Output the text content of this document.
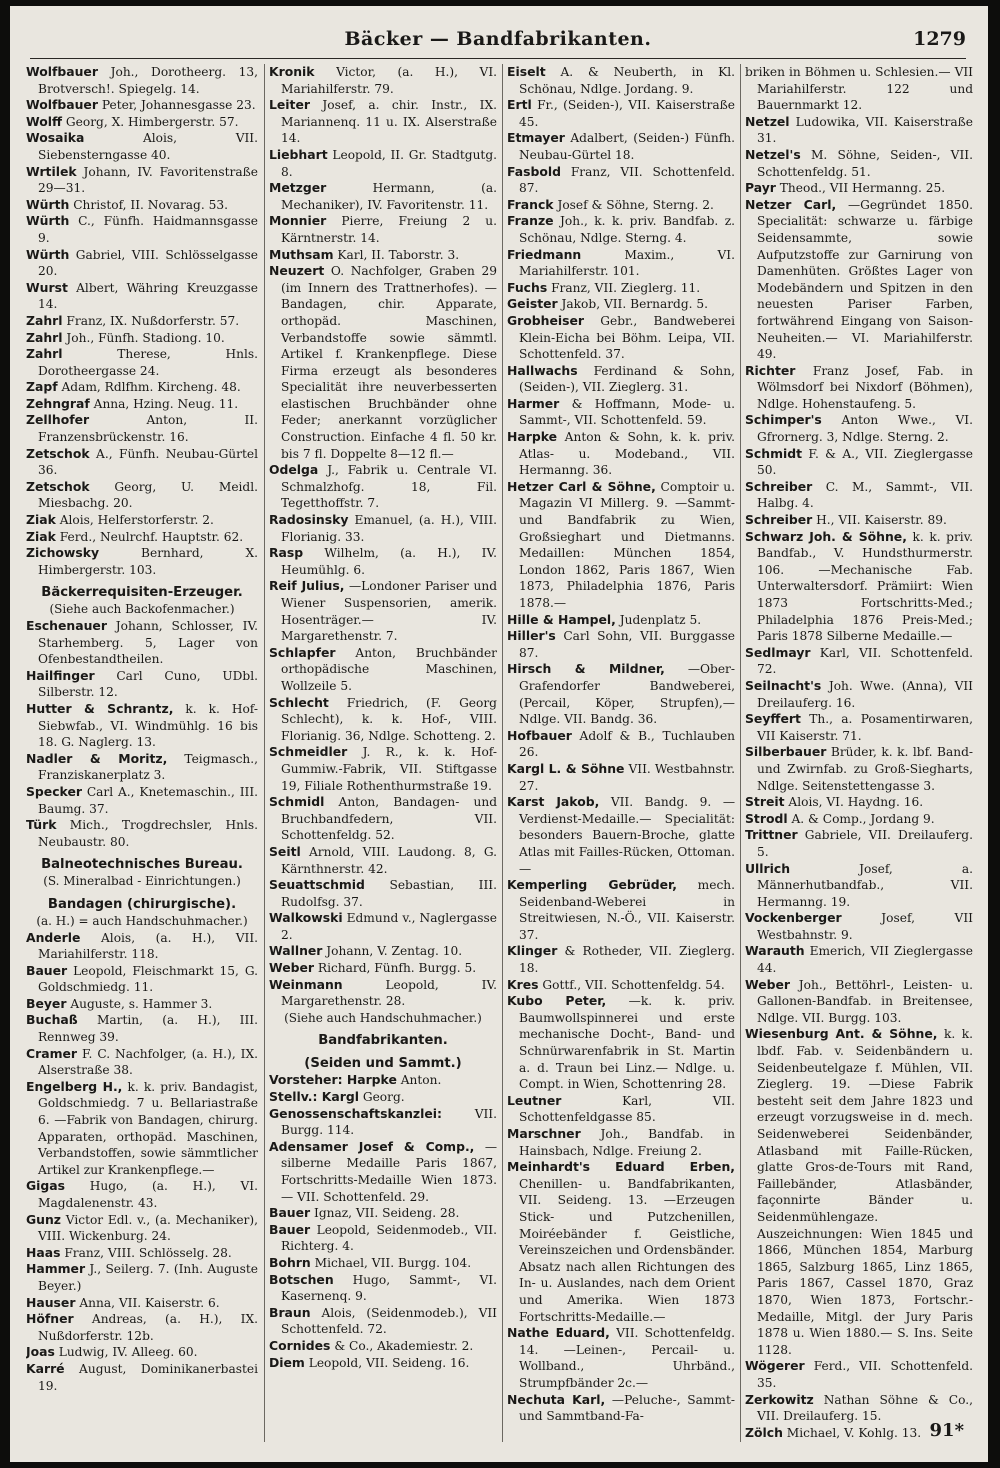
Bäcker — Bandfabrikanten.	1279

Wolfbauer Joh., Dorotheerg. 13, Brotversch!. Spiegelg. 14.

Wolfbauer Peter, Johannesgasse 23.

Wolff Georg, X. Himbergerstr. 57.

Wosaika	Alois, VII. Siebensterngasse 40.

Wrtilek Johann, IV. Favoritenstraße 29—31.

Würth Christof, II. Novarag. 53.

Würth C., Fünfh. Haidmannsgasse 9.

Würth Gabriel, VIII. Schlösselgasse 20.

Wurst Albert, Währing Kreuzgasse 14.

Zahrl Franz, IX. Nußdorferstr. 57.

Zahrl Joh., Fünfh. Stadiong. 10.

Zahrl	Therese, Hnls. Dorotheergasse 24.

Zapf Adam, Rdlfhm. Kircheng. 48.

Zehngraf Anna, Hzing. Neug. 11.

Zellhofer	Anton, II. Franzensbrückenstr. 16.

Zetschok A., Fünfh. Neubau-Gürtel 36.

Zetschok Georg, U. Meidl. Miesbachg. 20.

Ziak Alois, Helferstorferstr. 2.

Ziak Ferd., Neulrchf. Hauptstr. 62.

Zichowsky	Bernhard, X. Himbergerstr. 103.

Bäckerrequisiten-Erzeuger.
(Siehe auch Backofenmacher.)

Eschenauer Johann, Schlosser, IV. Starhemberg. 5, Lager von Ofenbestandtheilen.

Hailfinger Carl Cuno, UDbl. Silberstr. 12.

Hutter & Schrantz, k. k. Hof-Siebwfab., VI. Windmühlg. 16 bis 18. G. Naglerg. 13.

Nadler & Moritz, Teigmasch., Franziskanerplatz 3.

Specker Carl A., Knetemaschin., III. Baumg. 37.

Türk Mich., Trogdrechsler, Hnls. Neubaustr. 80.

Balneotechnisches Bureau.
(S. Mineralbad - Einrichtungen.)
Bandagen (chirurgische).
(a. H.) = auch Handschuhmacher.)

Anderle Alois, (a. H.), VII. Mariahilferstr. 118.

Bauer Leopold, Fleischmarkt 15, G. Goldschmiedg. 11.

Beyer Auguste, s. Hammer 3.

Buchaß Martin, (a. H.), III. Rennweg 39.

Cramer F. C. Nachfolger, (a. H.), IX. Alserstraße 38.

Engelberg H., k. k. priv. Bandagist, Goldschmiedg. 7 u. Bellariastraße 6. —Fabrik von Bandagen, chirurg. Apparaten, orthopäd. Maschinen, Verbandstoffen, sowie sämmtlicher Artikel zur Krankenpflege.—

Gigas Hugo, (a. H.), VI. Magdalenenstr. 43.

Gunz Victor Edl. v., (a. Mechaniker), VIII. Wickenburg. 24.

Haas Franz, VIII. Schlösselg. 28.

Hammer J., Seilerg. 7. (Inh. Auguste Beyer.)

Hauser Anna, VII. Kaiserstr. 6.

Höfner Andreas, (a. H.), IX. Nußdorferstr. 12b.

Joas Ludwig, IV. Alleeg. 60.

Karré August, Dominikanerbastei 19.

Kronik Victor, (a. H.), VI. Mariahilferstr. 79.

Leiter Josef, a. chir. Instr., IX. Mariannenq. 11 u. IX. Alserstraße 14.

Liebhart Leopold, II. Gr. Stadtgutg. 8.

Metzger	Hermann, (a. Mechaniker), IV. Favoritenstr. 11.

Monnier Pierre, Freiung 2 u. Kärntnerstr. 14.

Muthsam Karl, II. Taborstr. 3.

Neuzert O. Nachfolger, Graben 29 (im Innern des Trattnerhofes). —Bandagen, chir. Apparate, orthopäd. Maschinen, Verbandstoffe sowie sämmtl. Artikel f. Krankenpflege. Diese Firma erzeugt als besonderes Specialität ihre neuverbesserten elastischen Bruchbänder ohne Feder; anerkannt vorzüglicher Construction. Einfache 4 fl. 50 kr. bis 7 fl. Doppelte 8—12 fl.—

Odelga J., Fabrik u. Centrale VI. Schmalzhofg. 18, Fil. Tegetthoffstr. 7.

Radosinsky Emanuel, (a. H.), VIII. Florianig. 33.

Rasp Wilhelm, (a. H.), IV. Heumühlg. 6.

Reif Julius, —Londoner Pariser und Wiener Suspensorien, amerik. Hosenträger.— IV. Margarethenstr. 7.

Schlapfer Anton, Bruchbänder orthopädische Maschinen, Wollzeile 5.

Schlecht Friedrich, (F. Georg Schlecht), k. k. Hof-, VIII. Florianig. 36, Ndlge. Schotteng. 2.

Schmeidler J. R., k. k. Hof-Gummiw.-Fabrik, VII. Stiftgasse 19, Filiale Rothenthurmstraße 19.

Schmidl Anton, Bandagen- und Bruchbandfedern, VII. Schottenfeldg. 52.

Seitl Arnold, VIII. Laudong. 8, G. Kärnthnerstr. 42.

Seuattschmid Sebastian, III. Rudolfsg. 37.

Walkowski Edmund v., Naglergasse 2.

Wallner Johann, V. Zentag. 10.

Weber Richard, Fünfh. Burgg. 5.

Weinmann	Leopold, IV. Margarethenstr. 28.

(Siehe auch Handschuhmacher.)
Bandfabrikanten.
(Seiden und Sammt.)

Vorsteher: Harpke Anton.

Stellv.: Kargl Georg.

Genossenschaftskanzlei:	VII. Burgg. 114.

Adensamer Josef & Comp., —silberne Medaille Paris 1867, Fortschritts-Medaille Wien 1873.— VII. Schottenfeld. 29.

Bauer Ignaz, VII. Seideng. 28.

Bauer Leopold, Seidenmodeb., VII. Richterg. 4.

Bohrn Michael, VII. Burgg. 104.

Botschen Hugo, Sammt-, VI. Kasernenq. 9.

Braun Alois, (Seidenmodeb.), VII Schottenfeld. 72.

Cornides & Co., Akademiestr. 2.

Diem Leopold, VII. Seideng. 16.

Eiselt A. & Neuberth, in Kl. Schönau, Ndlge. Jordang. 9.

Ertl Fr., (Seiden-), VII. Kaiserstraße 45.

Etmayer Adalbert, (Seiden-) Fünfh. Neubau-Gürtel 18.

Fasbold Franz, VII. Schottenfeld. 87.

Franck Josef & Söhne, Sterng. 2.

Franze Joh., k. k. priv. Bandfab. z. Schönau, Ndlge. Sterng. 4.

Friedmann	Maxim., VI. Mariahilferstr. 101.

Fuchs Franz, VII. Zieglerg. 11.

Geister Jakob, VII. Bernardg. 5.

Grobheiser Gebr., Bandweberei Klein-Eicha bei Böhm. Leipa, VII. Schottenfeld. 37.

Hallwachs Ferdinand & Sohn, (Seiden-), VII. Zieglerg. 31.

Harmer & Hoffmann, Mode- u. Sammt-, VII. Schottenfeld. 59.

Harpke Anton & Sohn, k. k. priv. Atlas- u. Modeband., VII. Hermanng. 36.

Hetzer Carl & Söhne, Comptoir u. Magazin VI Millerg. 9. —Sammt- und Bandfabrik zu Wien, Großsieghart und Dietmanns. Medaillen: München 1854, London 1862, Paris 1867, Wien 1873, Philadelphia 1876, Paris 1878.—

Hille & Hampel, Judenplatz 5.

Hiller's Carl Sohn, VII. Burggasse 87.

Hirsch & Mildner, —Ober-Grafendorfer Bandweberei, (Percail, Köper, Strupfen),— Ndlge. VII. Bandg. 36.

Hofbauer Adolf & B., Tuchlauben 26.

Kargl L. & Söhne VII. Westbahnstr. 27.

Karst Jakob, VII. Bandg. 9. —Verdienst-Medaille.— Specialität: besonders Bauern-Broche, glatte Atlas mit Failles-Rücken, Ottoman.—

Kemperling Gebrüder, mech. Seidenband-Weberei in Streitwiesen, N.-Ö., VII. Kaiserstr. 37.

Klinger & Rotheder, VII. Zieglerg. 18.

Kres Gottf., VII. Schottenfeldg. 54.

Kubo Peter, —k. k. priv. Baumwollspinnerei und erste mechanische Docht-, Band- und Schnürwarenfabrik in St. Martin a. d. Traun bei Linz.— Ndlge. u. Compt. in Wien, Schottenring 28.

Leutner	Karl, VII. Schottenfeldgasse 85.

Marschner Joh., Bandfab. in Hainsbach, Ndlge. Freiung 2.

Meinhardt's Eduard Erben, Chenillen- u. Bandfabrikanten, VII. Seideng. 13. —Erzeugen Stick- und Putzchenillen, Moiréebänder f. Geistliche, Vereinszeichen und Ordensbänder. Absatz nach allen Richtungen des In- u. Auslandes, nach dem Orient und Amerika. Wien 1873 Fortschritts-Medaille.—

Nathe Eduard, VII. Schottenfeldg. 14. —Leinen-, Percail- u. Wollband., Uhrbänd., Strumpfbänder 2c.—

Nechuta Karl, —Peluche-, Sammt- und Sammtband-Fa-

briken in Böhmen u. Schlesien.— VII Mariahilferstr. 122 und Bauernmarkt 12.

Netzel Ludowika, VII. Kaiserstraße 31.

Netzel's M. Söhne, Seiden-, VII. Schottenfeldg. 51.

Payr Theod., VII Hermanng. 25.

Netzer Carl, —Gegründet 1850. Specialität: schwarze u. färbige Seidensammte, sowie Aufputzstoffe zur Garnirung von Damenhüten. Größtes Lager von Modebändern und Spitzen in den neuesten Pariser Farben, fortwährend Eingang von Saison-Neuheiten.— VI. Mariahilferstr. 49.

Richter Franz Josef, Fab. in Wölmsdorf bei Nixdorf (Böhmen), Ndlge. Hohenstaufeng. 5.

Schimper's Anton Wwe., VI. Gfrornerg. 3, Ndlge. Sterng. 2.

Schmidt F. & A., VII. Zieglergasse 50.

Schreiber C. M., Sammt-, VII. Halbg. 4.

Schreiber H., VII. Kaiserstr. 89.

Schwarz Joh. & Söhne, k. k. priv. Bandfab., V. Hundsthurmerstr. 106. —Mechanische Fab. Unterwaltersdorf. Prämiirt: Wien 1873 Fortschritts-Med.; Philadelphia 1876 Preis-Med.; Paris 1878 Silberne Medaille.—

Sedlmayr Karl, VII. Schottenfeld. 72.

Seilnacht's Joh. Wwe. (Anna), VII Dreilauferg. 16.

Seyffert Th., a. Posamentirwaren, VII Kaiserstr. 71.

Silberbauer Brüder, k. k. lbf. Band- und Zwirnfab. zu Groß-Siegharts, Ndlge. Seitenstettengasse 3.

Streit Alois, VI. Haydng. 16.

Strodl A. & Comp., Jordang 9.

Trittner Gabriele, VII. Dreilauferg. 5.

Ullrich	Josef, a. Männerhutbandfab., VII. Hermanng. 19.

Vockenberger	Josef, VII Westbahnstr. 9.

Warauth Emerich, VII Zieglergasse 44.

Weber Joh., Bettöhrl-, Leisten- u. Gallonen-Bandfab. in Breitensee, Ndlge. VII. Burgg. 103.

Wiesenburg Ant. & Söhne, k. k. lbdf. Fab. v. Seidenbändern u. Seidenbeutelgaze f. Mühlen, VII. Zieglerg. 19. —Diese Fabrik besteht seit dem Jahre 1823 und erzeugt vorzugsweise in d. mech. Seidenweberei Seidenbänder, Atlasband mit Faille-Rücken, glatte Gros-de-Tours mit Rand, Faillebänder, Atlasbänder, façonnirte Bänder u. Seidenmühlengaze. Auszeichnungen: Wien 1845 und 1866, München 1854, Marburg 1865, Salzburg 1865, Linz 1865, Paris 1867, Cassel 1870, Graz 1870, Wien 1873, Fortschr.-Medaille, Mitgl. der Jury Paris 1878 u. Wien 1880.— S. Ins. Seite 1128.

Wögerer Ferd., VII. Schottenfeld. 35.

Zerkowitz Nathan Söhne & Co., VII. Dreilauferg. 15.

Zölch Michael, V. Kohlg. 13. 91*
